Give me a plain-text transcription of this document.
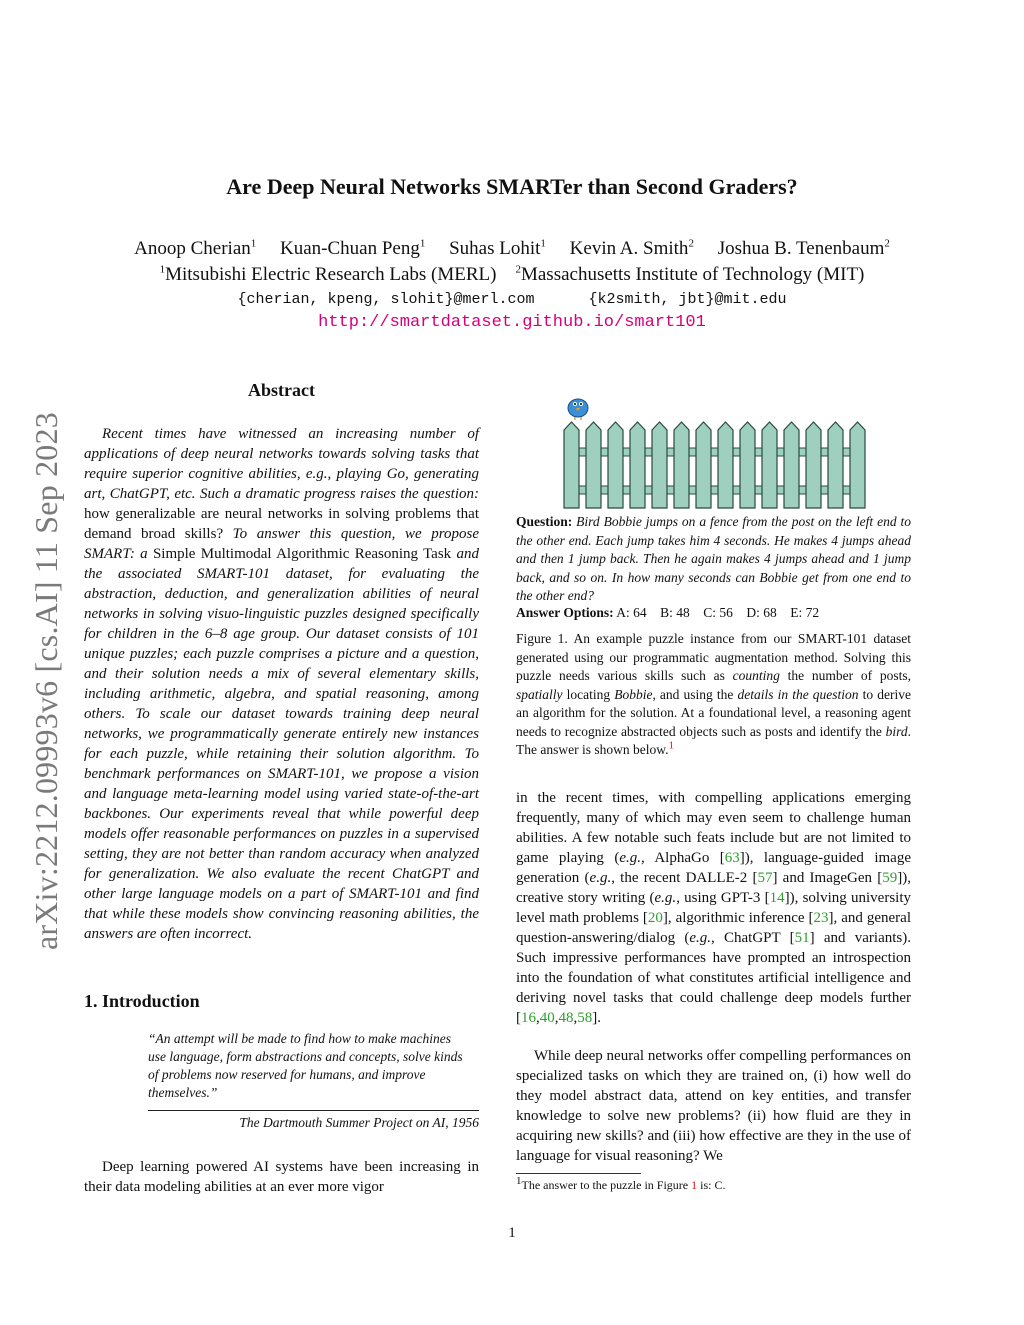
Are Deep Neural Networks SMARTer than Second Graders?
Anoop Cherian$^1$ Kuan-Chuan Peng$^1$ Suhas Lohit$^1$ Kevin A. Smith$^2$ Joshua B. Tenenbaum$^2$
$^1$Mitsubishi Electric Research Labs (MERL) $^2$Massachusetts Institute of Technology (MIT)
{cherian, kpeng, slohit}@merl.com	{k2smith, jbt}@mit.edu
http://smartdataset.github.io/smart101
arXiv:2212.09993v6 [cs.AI] 11 Sep 2023
Abstract
Recent times have witnessed an increasing number of applications of deep neural networks towards solving tasks that require superior cognitive abilities, e.g., playing Go, generating art, ChatGPT, etc. Such a dramatic progress raises the question: how generalizable are neural networks in solving problems that demand broad skills? To answer this question, we propose SMART: a Simple Multimodal Algorithmic Reasoning Task and the associated SMART-101 dataset, for evaluating the abstraction, deduction, and generalization abilities of neural networks in solving visuo-linguistic puzzles designed specifically for children in the 6–8 age group. Our dataset consists of 101 unique puzzles; each puzzle comprises a picture and a question, and their solution needs a mix of several elementary skills, including arithmetic, algebra, and spatial reasoning, among others. To scale our dataset towards training deep neural networks, we programmatically generate entirely new instances for each puzzle, while retaining their solution algorithm. To benchmark performances on SMART-101, we propose a vision and language meta-learning model using varied state-of-the-art backbones. Our experiments reveal that while powerful deep models offer reasonable performances on puzzles in a supervised setting, they are not better than random accuracy when analyzed for generalization. We also evaluate the recent ChatGPT and other large language models on a part of SMART-101 and find that while these models show convincing reasoning abilities, the answers are often incorrect.
1. Introduction
“An attempt will be made to find how to make machines use language, form abstractions and concepts, solve kinds of problems now reserved for humans, and improve themselves.”
The Dartmouth Summer Project on AI, 1956
Deep learning powered AI systems have been increasing in their data modeling abilities at an ever more vigor
Question: Bird Bobbie jumps on a fence from the post on the left end to the other end. Each jump takes him 4 seconds. He makes 4 jumps ahead and then 1 jump back. Then he again makes 4 jumps ahead and 1 jump back, and so on. In how many seconds can Bobbie get from one end to the other end?
Answer Options: A: 64    B: 48    C: 56    D: 68    E: 72
Figure 1. An example puzzle instance from our SMART-101 dataset generated using our programmatic augmentation method. Solving this puzzle needs various skills such as counting the number of posts, spatially locating Bobbie, and using the details in the question to derive an algorithm for the solution. At a foundational level, a reasoning agent needs to recognize abstracted objects such as posts and identify the bird. The answer is shown below.$^1$
in the recent times, with compelling applications emerging frequently, many of which may even seem to challenge human abilities. A few notable such feats include but are not limited to game playing (e.g., AlphaGo [63]), language-guided image generation (e.g., the recent DALLE-2 [57] and ImageGen [59]), creative story writing (e.g., using GPT-3 [14]), solving university level math problems [20], algorithmic inference [23], and general question-answering/dialog (e.g., ChatGPT [51] and variants). Such impressive performances have prompted an introspection into the foundation of what constitutes artificial intelligence and deriving novel tasks that could challenge deep models further [16,40,48,58].
While deep neural networks offer compelling performances on specialized tasks on which they are trained on, (i) how well do they model abstract data, attend on key entities, and transfer knowledge to solve new problems? (ii) how fluid are they in acquiring new skills? and (iii) how effective are they in the use of language for visual reasoning? We
$^1$The answer to the puzzle in Figure 1 is: C.
1
